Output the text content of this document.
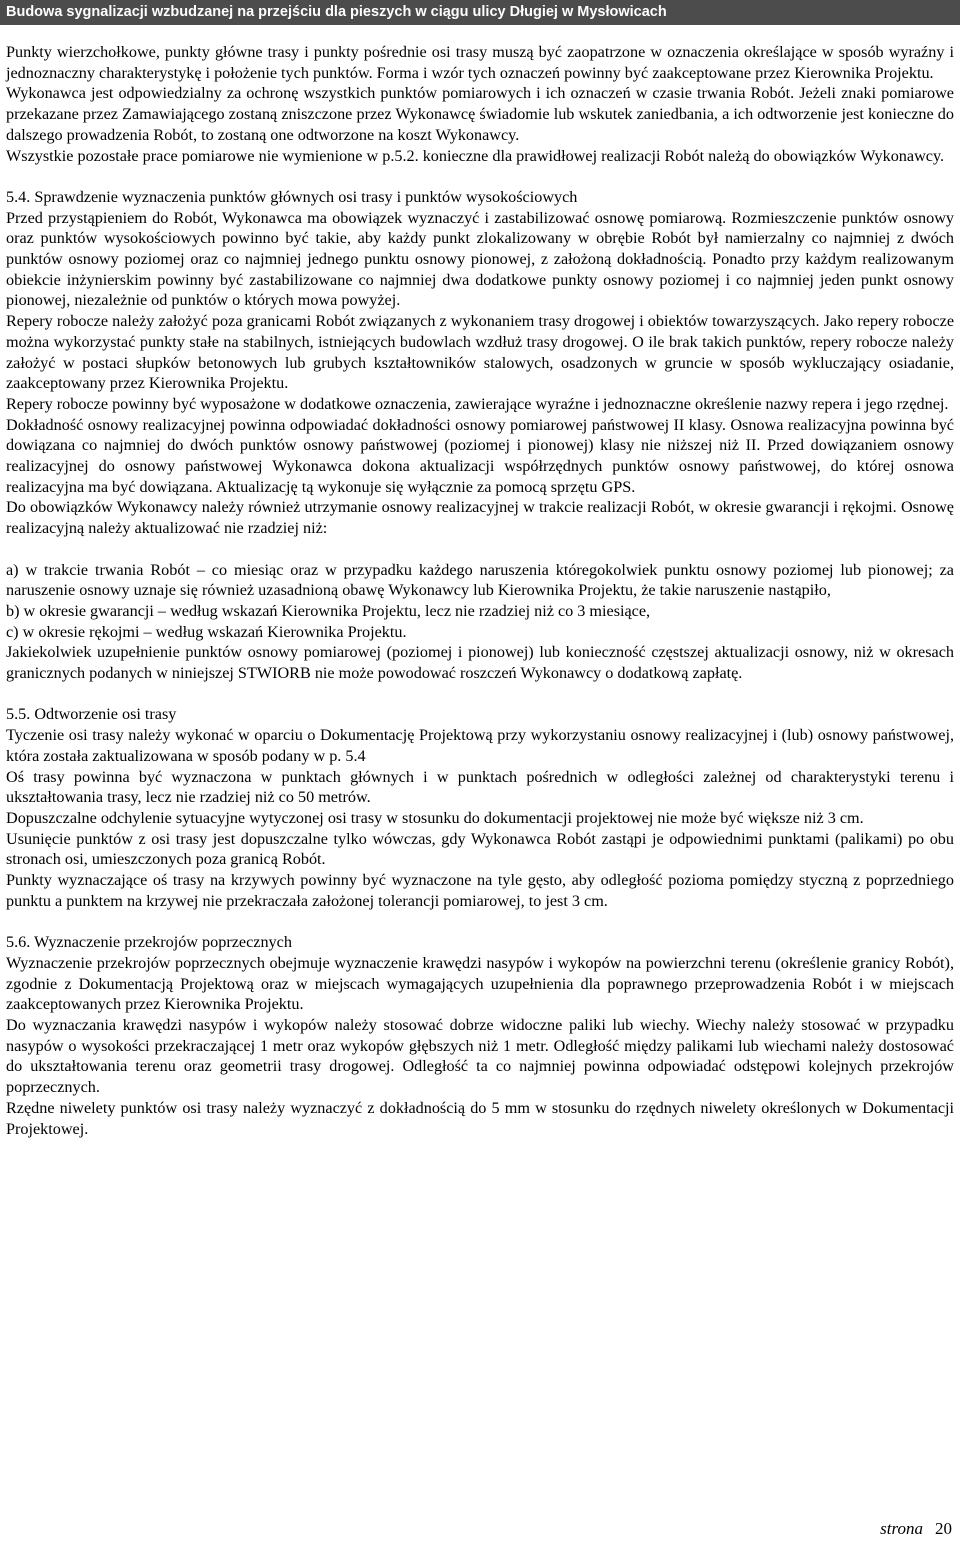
Budowa sygnalizacji wzbudzanej na przejściu dla pieszych w ciągu ulicy Długiej w Mysłowicach

Punkty wierzchołkowe, punkty główne trasy i punkty pośrednie osi trasy muszą być zaopatrzone w oznaczenia określające w sposób wyraźny i jednoznaczny charakterystykę i położenie tych punktów. Forma i wzór tych oznaczeń powinny być zaakceptowane przez Kierownika Projektu.

Wykonawca jest odpowiedzialny za ochronę wszystkich punktów pomiarowych i ich oznaczeń w czasie trwania Robót. Jeżeli znaki pomiarowe przekazane przez Zamawiającego zostaną zniszczone przez Wykonawcę świadomie lub wskutek zaniedbania, a ich odtworzenie jest konieczne do dalszego prowadzenia Robót, to zostaną one odtworzone na koszt Wykonawcy.

Wszystkie pozostałe prace pomiarowe nie wymienione w p.5.2. konieczne dla prawidłowej realizacji Robót należą do obowiązków Wykonawcy.

5.4. Sprawdzenie wyznaczenia punktów głównych osi trasy i punktów wysokościowych

Przed przystąpieniem do Robót, Wykonawca ma obowiązek wyznaczyć i zastabilizować osnowę pomiarową. Rozmieszczenie punktów osnowy oraz punktów wysokościowych powinno być takie, aby każdy punkt zlokalizowany w obrębie Robót był namierzalny co najmniej z dwóch punktów osnowy poziomej oraz co najmniej jednego punktu osnowy pionowej, z założoną dokładnością. Ponadto przy każdym realizowanym obiekcie inżynierskim powinny być zastabilizowane co najmniej dwa dodatkowe punkty osnowy poziomej i co najmniej jeden punkt osnowy pionowej, niezależnie od punktów o których mowa powyżej.

Repery robocze należy założyć poza granicami Robót związanych z wykonaniem trasy drogowej i obiektów towarzyszących. Jako repery robocze można wykorzystać punkty stałe na stabilnych, istniejących budowlach wzdłuż trasy drogowej. O ile brak takich punktów, repery robocze należy założyć w postaci słupków betonowych lub grubych kształtowników stalowych, osadzonych w gruncie w sposób wykluczający osiadanie, zaakceptowany przez Kierownika Projektu.

Repery robocze powinny być wyposażone w dodatkowe oznaczenia, zawierające wyraźne i jednoznaczne określenie nazwy repera i jego rzędnej.

Dokładność osnowy realizacyjnej powinna odpowiadać dokładności osnowy pomiarowej państwowej II klasy. Osnowa realizacyjna powinna być dowiązana co najmniej do dwóch punktów osnowy państwowej (poziomej i pionowej) klasy nie niższej niż II. Przed dowiązaniem osnowy realizacyjnej do osnowy państwowej Wykonawca dokona aktualizacji współrzędnych punktów osnowy państwowej, do której osnowa realizacyjna ma być dowiązana. Aktualizację tą wykonuje się wyłącznie za pomocą sprzętu GPS.

Do obowiązków Wykonawcy należy również utrzymanie osnowy realizacyjnej w trakcie realizacji Robót, w okresie gwarancji i rękojmi. Osnowę realizacyjną należy aktualizować nie rzadziej niż:

a) w trakcie trwania Robót – co miesiąc oraz w przypadku każdego naruszenia któregokolwiek punktu osnowy poziomej lub pionowej; za naruszenie osnowy uznaje się również uzasadnioną obawę Wykonawcy lub Kierownika Projektu, że takie naruszenie nastąpiło,

b) w okresie gwarancji – według wskazań Kierownika Projektu, lecz nie rzadziej niż co 3 miesiące,

c) w okresie rękojmi – według wskazań Kierownika Projektu.

Jakiekolwiek uzupełnienie punktów osnowy pomiarowej (poziomej i pionowej) lub konieczność częstszej aktualizacji osnowy, niż w okresach granicznych podanych w niniejszej STWIORB nie może powodować roszczeń Wykonawcy o dodatkową zapłatę.

5.5. Odtworzenie osi trasy

Tyczenie osi trasy należy wykonać w oparciu o Dokumentację Projektową przy wykorzystaniu osnowy realizacyjnej i (lub) osnowy państwowej, która została zaktualizowana w sposób podany w p. 5.4

Oś trasy powinna być wyznaczona w punktach głównych i w punktach pośrednich w odległości zależnej od charakterystyki terenu i ukształtowania trasy, lecz nie rzadziej niż co 50 metrów.

Dopuszczalne odchylenie sytuacyjne wytyczonej osi trasy w stosunku do dokumentacji projektowej nie może być większe niż 3 cm.

Usunięcie punktów z osi trasy jest dopuszczalne tylko wówczas, gdy Wykonawca Robót zastąpi je odpowiednimi punktami (palikami) po obu stronach osi, umieszczonych poza granicą Robót.

Punkty wyznaczające oś trasy na krzywych powinny być wyznaczone na tyle gęsto, aby odległość pozioma pomiędzy styczną z poprzedniego punktu a punktem na krzywej nie przekraczała założonej tolerancji pomiarowej, to jest 3 cm.

5.6. Wyznaczenie przekrojów poprzecznych

Wyznaczenie przekrojów poprzecznych obejmuje wyznaczenie krawędzi nasypów i wykopów na powierzchni terenu (określenie granicy Robót), zgodnie z Dokumentacją Projektową oraz w miejscach wymagających uzupełnienia dla poprawnego przeprowadzenia Robót i w miejscach zaakceptowanych przez Kierownika Projektu.

Do wyznaczania krawędzi nasypów i wykopów należy stosować dobrze widoczne paliki lub wiechy. Wiechy należy stosować w przypadku nasypów o wysokości przekraczającej 1 metr oraz wykopów głębszych niż 1 metr. Odległość między palikami lub wiechami należy dostosować do ukształtowania terenu oraz geometrii trasy drogowej. Odległość ta co najmniej powinna odpowiadać odstępowi kolejnych przekrojów poprzecznych.

Rzędne niwelety punktów osi trasy należy wyznaczyć z dokładnością do 5 mm w stosunku do rzędnych niwelety określonych w Dokumentacji Projektowej.

strona 20
